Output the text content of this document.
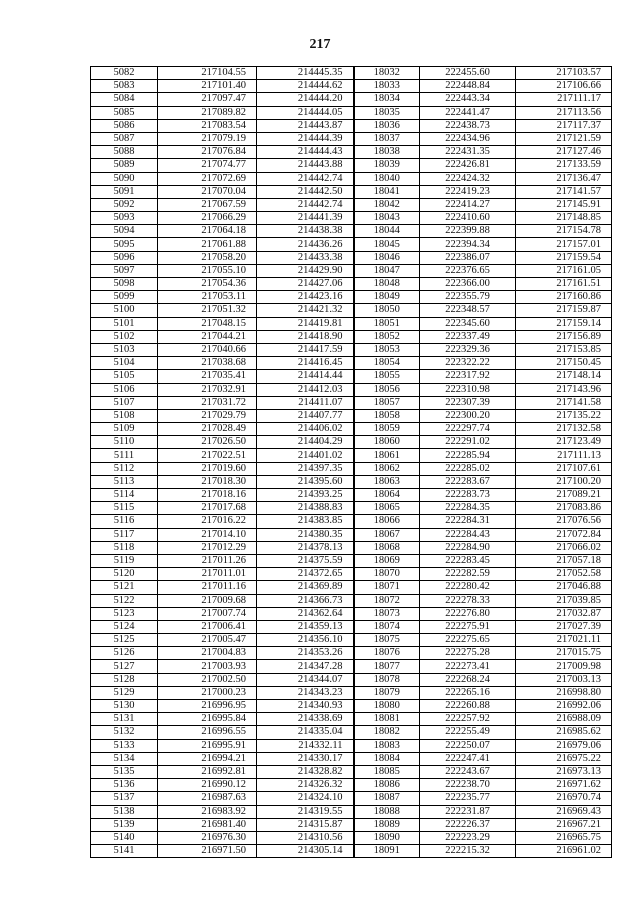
217
5082	217104.55	214445.35	18032	222455.60	217103.57
5083	217101.40	214444.62	18033	222448.84	217106.66
5084	217097.47	214444.20	18034	222443.34	217111.17
5085	217089.82	214444.05	18035	222441.47	217113.56
5086	217083.54	214443.87	18036	222438.73	217117.37
5087	217079.19	214444.39	18037	222434.96	217121.59
5088	217076.84	214444.43	18038	222431.35	217127.46
5089	217074.77	214443.88	18039	222426.81	217133.59
5090	217072.69	214442.74	18040	222424.32	217136.47
5091	217070.04	214442.50	18041	222419.23	217141.57
5092	217067.59	214442.74	18042	222414.27	217145.91
5093	217066.29	214441.39	18043	222410.60	217148.85
5094	217064.18	214438.38	18044	222399.88	217154.78
5095	217061.88	214436.26	18045	222394.34	217157.01
5096	217058.20	214433.38	18046	222386.07	217159.54
5097	217055.10	214429.90	18047	222376.65	217161.05
5098	217054.36	214427.06	18048	222366.00	217161.51
5099	217053.11	214423.16	18049	222355.79	217160.86
5100	217051.32	214421.32	18050	222348.57	217159.87
5101	217048.15	214419.81	18051	222345.60	217159.14
5102	217044.21	214418.90	18052	222337.49	217156.89
5103	217040.66	214417.59	18053	222329.36	217153.85
5104	217038.68	214416.45	18054	222322.22	217150.45
5105	217035.41	214414.44	18055	222317.92	217148.14
5106	217032.91	214412.03	18056	222310.98	217143.96
5107	217031.72	214411.07	18057	222307.39	217141.58
5108	217029.79	214407.77	18058	222300.20	217135.22
5109	217028.49	214406.02	18059	222297.74	217132.58
5110	217026.50	214404.29	18060	222291.02	217123.49
5111	217022.51	214401.02	18061	222285.94	217111.13
5112	217019.60	214397.35	18062	222285.02	217107.61
5113	217018.30	214395.60	18063	222283.67	217100.20
5114	217018.16	214393.25	18064	222283.73	217089.21
5115	217017.68	214388.83	18065	222284.35	217083.86
5116	217016.22	214383.85	18066	222284.31	217076.56
5117	217014.10	214380.35	18067	222284.43	217072.84
5118	217012.29	214378.13	18068	222284.90	217066.02
5119	217011.26	214375.59	18069	222283.45	217057.18
5120	217011.01	214372.65	18070	222282.59	217052.58
5121	217011.16	214369.89	18071	222280.42	217046.88
5122	217009.68	214366.73	18072	222278.33	217039.85
5123	217007.74	214362.64	18073	222276.80	217032.87
5124	217006.41	214359.13	18074	222275.91	217027.39
5125	217005.47	214356.10	18075	222275.65	217021.11
5126	217004.83	214353.26	18076	222275.28	217015.75
5127	217003.93	214347.28	18077	222273.41	217009.98
5128	217002.50	214344.07	18078	222268.24	217003.13
5129	217000.23	214343.23	18079	222265.16	216998.80
5130	216996.95	214340.93	18080	222260.88	216992.06
5131	216995.84	214338.69	18081	222257.92	216988.09
5132	216996.55	214335.04	18082	222255.49	216985.62
5133	216995.91	214332.11	18083	222250.07	216979.06
5134	216994.21	214330.17	18084	222247.41	216975.22
5135	216992.81	214328.82	18085	222243.67	216973.13
5136	216990.12	214326.32	18086	222238.70	216971.62
5137	216987.63	214324.10	18087	222235.77	216970.74
5138	216983.92	214319.55	18088	222231.87	216969.43
5139	216981.40	214315.87	18089	222226.37	216967.21
5140	216976.30	214310.56	18090	222223.29	216965.75
5141	216971.50	214305.14	18091	222215.32	216961.02
